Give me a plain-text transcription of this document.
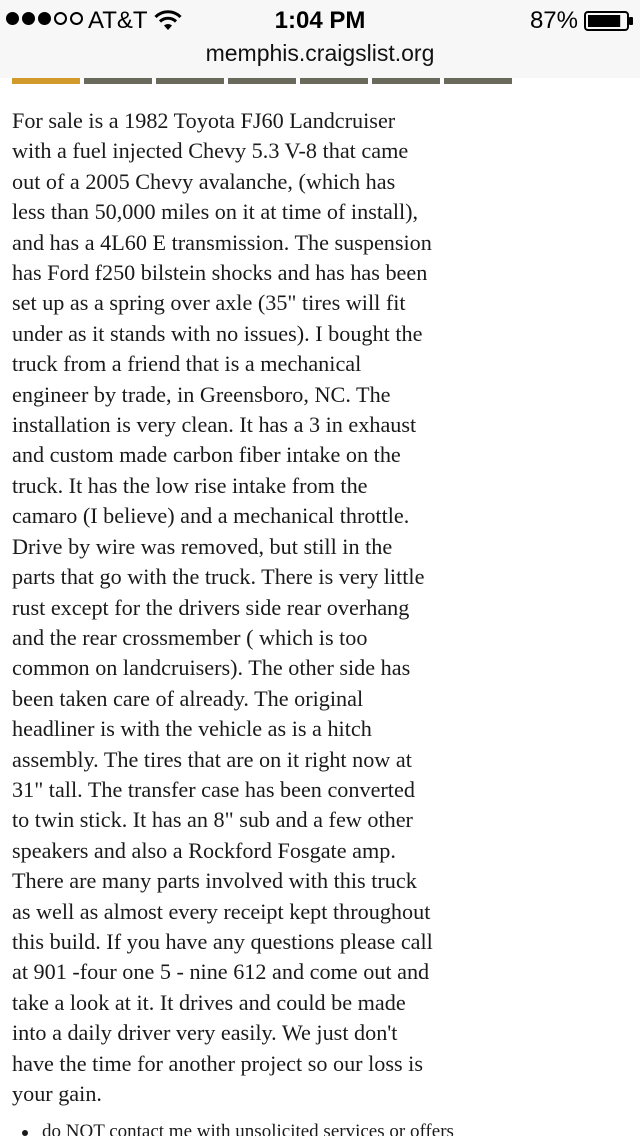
AT&T	1:04 PM	87%
memphis.craigslist.org
For sale is a 1982 Toyota FJ60 Landcruiser
with a fuel injected Chevy 5.3 V-8 that came
out of a 2005 Chevy avalanche, (which has
less than 50,000 miles on it at time of install),
and has a 4L60 E transmission. The suspension
has Ford f250 bilstein shocks and has has been
set up as a spring over axle (35" tires will fit
under as it stands with no issues). I bought the
truck from a friend that is a mechanical
engineer by trade, in Greensboro, NC. The
installation is very clean. It has a 3 in exhaust
and custom made carbon fiber intake on the
truck. It has the low rise intake from the
camaro (I believe) and a mechanical throttle.
Drive by wire was removed, but still in the
parts that go with the truck. There is very little
rust except for the drivers side rear overhang
and the rear crossmember ( which is too
common on landcruisers). The other side has
been taken care of already. The original
headliner is with the vehicle as is a hitch
assembly. The tires that are on it right now at
31" tall. The transfer case has been converted
to twin stick. It has an 8" sub and a few other
speakers and also a Rockford Fosgate amp.
There are many parts involved with this truck
as well as almost every receipt kept throughout
this build. If you have any questions please call
at 901 -four one 5 - nine 612 and come out and
take a look at it. It drives and could be made
into a daily driver very easily. We just don't
have the time for another project so our loss is
your gain.
do NOT contact me with unsolicited services or offers
